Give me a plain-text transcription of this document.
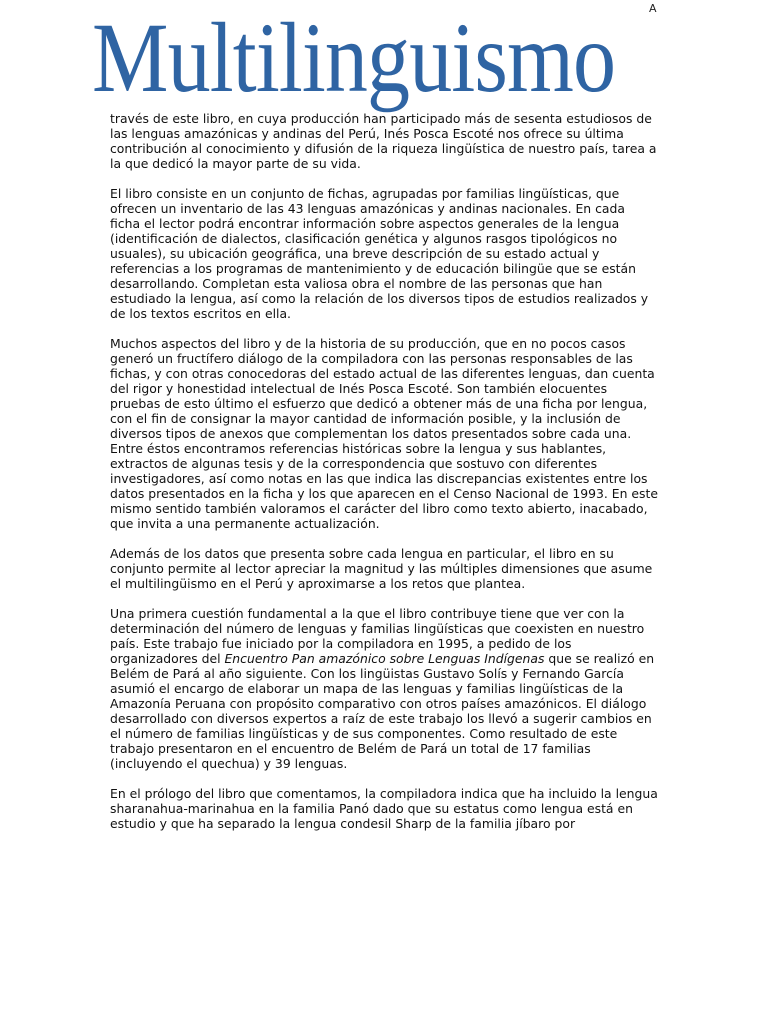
A
Multilinguismo

través de este libro, en cuya producción han participado más de sesenta estudiosos de las lenguas amazónicas y andinas del Perú, Inés Posca Escoté nos ofrece su última contribución al conocimiento y difusión de la riqueza lingüística de nuestro país, tarea a la que dedicó la mayor parte de su vida.

El libro consiste en un conjunto de fichas, agrupadas por familias lingüísticas, que ofrecen un inventario de las 43 lenguas amazónicas y andinas nacionales. En cada ficha el lector podrá encontrar información sobre aspectos generales de la lengua (identificación de dialectos, clasificación genética y algunos rasgos tipológicos no usuales), su ubicación geográfica, una breve descripción de su estado actual y referencias a los programas de mantenimiento y de educación bilingüe que se están desarrollando. Completan esta valiosa obra el nombre de las personas que han estudiado la lengua, así como la relación de los diversos tipos de estudios realizados y de los textos escritos en ella.

Muchos aspectos del libro y de la historia de su producción, que en no pocos casos generó un fructífero diálogo de la compiladora con las personas responsables de las fichas, y con otras conocedoras del estado actual de las diferentes lenguas, dan cuenta del rigor y honestidad intelectual de Inés Posca Escoté. Son también elocuentes pruebas de esto último el esfuerzo que dedicó a obtener más de una ficha por lengua, con el fin de consignar la mayor cantidad de información posible, y la inclusión de diversos tipos de anexos que complementan los datos presentados sobre cada una. Entre éstos encontramos referencias históricas sobre la lengua y sus hablantes, extractos de algunas tesis y de la correspondencia que sostuvo con diferentes investigadores, así como notas en las que indica las discrepancias existentes entre los datos presentados en la ficha y los que aparecen en el Censo Nacional de 1993. En este mismo sentido también valoramos el carácter del libro como texto abierto, inacabado, que invita a una permanente actualización.

Además de los datos que presenta sobre cada lengua en particular, el libro en su conjunto permite al lector apreciar la magnitud y las múltiples dimensiones que asume el multilingüismo en el Perú y aproximarse a los retos que plantea.

Una primera cuestión fundamental a la que el libro contribuye tiene que ver con la determinación del número de lenguas y familias lingüísticas que coexisten en nuestro país. Este trabajo fue iniciado por la compiladora en 1995, a pedido de los organizadores del Encuentro Pan amazónico sobre Lenguas Indígenas que se realizó en Belém de Pará al año siguiente. Con los lingüistas Gustavo Solís y Fernando García asumió el encargo de elaborar un mapa de las lenguas y familias lingüísticas de la Amazonía Peruana con propósito comparativo con otros países amazónicos. El diálogo desarrollado con diversos expertos a raíz de este trabajo los llevó a sugerir cambios en el número de familias lingüísticas y de sus componentes. Como resultado de este trabajo presentaron en el encuentro de Belém de Pará un total de 17 familias (incluyendo el quechua) y 39 lenguas.

En el prólogo del libro que comentamos, la compiladora indica que ha incluido la lengua sharanahua-marinahua en la familia Panó dado que su estatus como lengua está en estudio y que ha separado la lengua condesil Sharp de la familia jíbaro por
